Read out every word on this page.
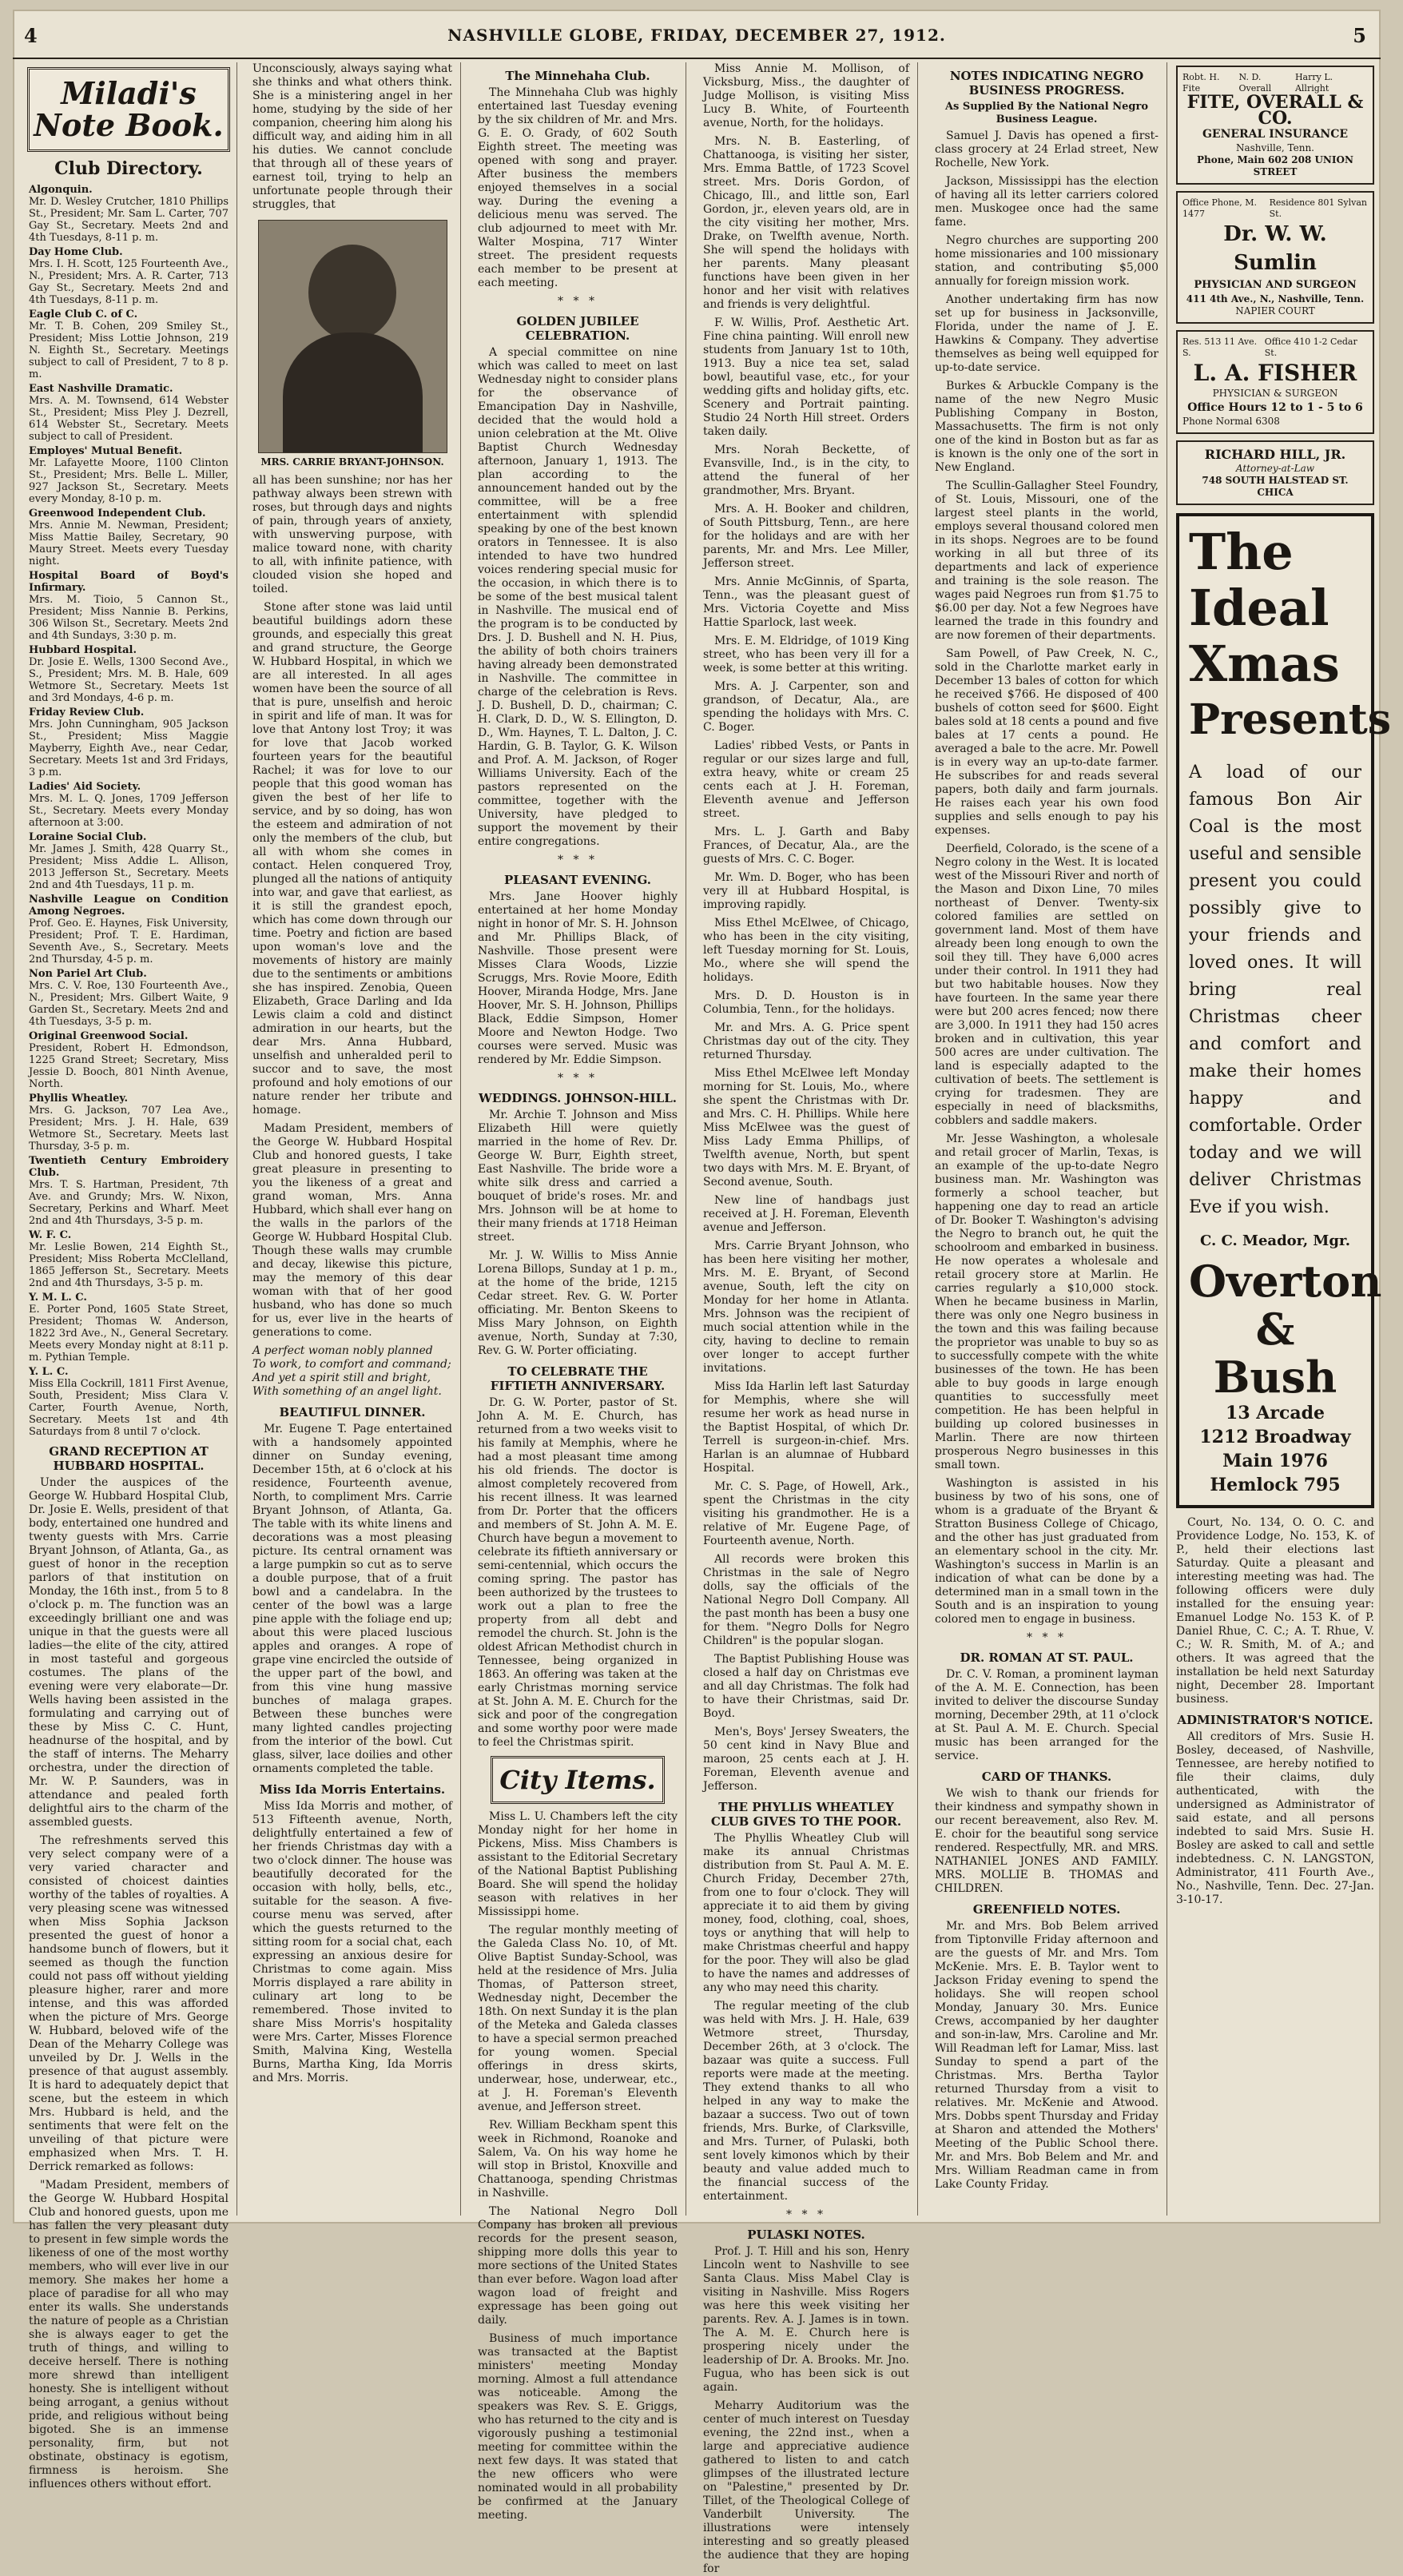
4	NASHVILLE GLOBE, FRIDAY, DECEMBER 27, 1912.	5
Miladi's Note Book.
Club Directory.
Algonquin.
Mr. D. Wesley Crutcher, 1810 Phillips St., President; Mr. Sam L. Carter, 707 Gay St., Secretary. Meets 2nd and 4th Tuesdays, 8-11 p. m.
Day Home Club.
Mrs. I. H. Scott, 125 Fourteenth Ave., N., President; Mrs. A. R. Carter, 713 Gay St., Secretary. Meets 2nd and 4th Tuesdays, 8-11 p. m.
Eagle Club C. of C.
Mr. T. B. Cohen, 209 Smiley St., President; Miss Lottie Johnson, 219 N. Eighth St., Secretary. Meetings subject to call of President, 7 to 8 p. m.
East Nashville Dramatic.
Mrs. A. M. Townsend, 614 Webster St., President; Miss Pley J. Dezrell, 614 Webster St., Secretary. Meets subject to call of President.
Employes' Mutual Benefit.
Mr. Lafayette Moore, 1100 Clinton St., President; Mrs. Belle L. Miller, 927 Jackson St., Secretary. Meets every Monday, 8-10 p. m.
Greenwood Independent Club.
Mrs. Annie M. Newman, President; Miss Mattie Bailey, Secretary, 90 Maury Street. Meets every Tuesday night.
Hospital Board of Boyd's Infirmary.
Mrs. M. Tioio, 5 Cannon St., President; Miss Nannie B. Perkins, 306 Wilson St., Secretary. Meets 2nd and 4th Sundays, 3:30 p. m.
Hubbard Hospital.
Dr. Josie E. Wells, 1300 Second Ave., S., President; Mrs. M. B. Hale, 609 Wetmore St., Secretary. Meets 1st and 3rd Mondays, 4-6 p. m.
Friday Review Club.
Mrs. John Cunningham, 905 Jackson St., President; Miss Maggie Mayberry, Eighth Ave., near Cedar, Secretary. Meets 1st and 3rd Fridays, 3 p.m.
Ladies' Aid Society.
Mrs. M. L. Q. Jones, 1709 Jefferson St., Secretary. Meets every Monday afternoon at 3:00.
Loraine Social Club.
Mr. James J. Smith, 428 Quarry St., President; Miss Addie L. Allison, 2013 Jefferson St., Secretary. Meets 2nd and 4th Tuesdays, 11 p. m.
Nashville League on Condition Among Negroes.
Prof. Geo. E. Haynes, Fisk University, President; Prof. T. E. Hardiman, Seventh Ave., S., Secretary. Meets 2nd Thursday, 4-5 p. m.
Non Pariel Art Club.
Mrs. C. V. Roe, 130 Fourteenth Ave., N., President; Mrs. Gilbert Waite, 9 Garden St., Secretary. Meets 2nd and 4th Tuesdays, 3-5 p. m.
Original Greenwood Social.
President, Robert H. Edmondson, 1225 Grand Street; Secretary, Miss Jessie D. Booch, 801 Ninth Avenue, North.
Phyllis Wheatley.
Mrs. G. Jackson, 707 Lea Ave., President; Mrs. J. H. Hale, 639 Wetmore St., Secretary. Meets last Thursday, 3-5 p. m.
Twentieth Century Embroidery Club.
Mrs. T. S. Hartman, President, 7th Ave. and Grundy; Mrs. W. Nixon, Secretary, Perkins and Wharf. Meet 2nd and 4th Thursdays, 3-5 p. m.
W. F. C.
Mr. Leslie Bowen, 214 Eighth St., President; Miss Roberta McClelland, 1865 Jefferson St., Secretary. Meets 2nd and 4th Thursdays, 3-5 p. m.
Y. M. L. C.
E. Porter Pond, 1605 State Street, President; Thomas W. Anderson, 1822 3rd Ave., N., General Secretary. Meets every Monday night at 8:11 p. m. Pythian Temple.
Y. L. C.
Miss Ella Cockrill, 1811 First Avenue, South, President; Miss Clara V. Carter, Fourth Avenue, North, Secretary. Meets 1st and 4th Saturdays from 8 until 7 o'clock.
GRAND RECEPTION AT HUBBARD HOSPITAL.

Under the auspices of the George W. Hubbard Hospital Club, Dr. Josie E. Wells, president of that body, entertained one hundred and twenty guests with Mrs. Carrie Bryant Johnson, of Atlanta, Ga., as guest of honor in the reception parlors of that institution on Monday, the 16th inst., from 5 to 8 o'clock p. m. The function was an exceedingly brilliant one and was unique in that the guests were all ladies—the elite of the city, attired in most tasteful and gorgeous costumes. The plans of the evening were very elaborate—Dr. Wells having been assisted in the formulating and carrying out of these by Miss C. C. Hunt, headnurse of the hospital, and by the staff of interns. The Meharry orchestra, under the direction of Mr. W. P. Saunders, was in attendance and pealed forth delightful airs to the charm of the assembled guests.

The refreshments served this very select company were of a very varied character and consisted of choicest dainties worthy of the tables of royalties. A very pleasing scene was witnessed when Miss Sophia Jackson presented the guest of honor a handsome bunch of flowers, but it seemed as though the function could not pass off without yielding pleasure higher, rarer and more intense, and this was afforded when the picture of Mrs. George W. Hubbard, beloved wife of the Dean of the Meharry College was unveiled by Dr. J. Wells in the presence of that august assembly. It is hard to adequately depict that scene, but the esteem in which Mrs. Hubbard is held, and the sentiments that were felt on the unveiling of that picture were emphasized when Mrs. T. H. Derrick remarked as follows:

"Madam President, members of the George W. Hubbard Hospital Club and honored guests, upon me has fallen the very pleasant duty to present in few simple words the likeness of one of the most worthy members, who will ever live in our memory. She makes her home a place of paradise for all who may enter its walls. She understands the nature of people as a Christian she is always eager to get the truth of things, and willing to deceive herself. There is nothing more shrewd than intelligent honesty. She is intelligent without being arrogant, a genius without pride, and religious without being bigoted. She is an immense personality, firm, but not obstinate, obstinacy is egotism, firmness is heroism. She influences others without effort.

Unconsciously, always saying what she thinks and what others think. She is a ministering angel in her home, studying by the side of her companion, cheering him along his difficult way, and aiding him in all his duties. We cannot conclude that through all of these years of earnest toil, trying to help an unfortunate people through their struggles, that

MRS. CARRIE BRYANT-JOHNSON.

all has been sunshine; nor has her pathway always been strewn with roses, but through days and nights of pain, through years of anxiety, with unswerving purpose, with malice toward none, with charity to all, with infinite patience, with clouded vision she hoped and toiled.

Stone after stone was laid until beautiful buildings adorn these grounds, and especially this great and grand structure, the George W. Hubbard Hospital, in which we are all interested. In all ages women have been the source of all that is pure, unselfish and heroic in spirit and life of man. It was for love that Antony lost Troy; it was for love that Jacob worked fourteen years for the beautiful Rachel; it was for love to our people that this good woman has given the best of her life to service, and by so doing, has won the esteem and admiration of not only the members of the club, but all with whom she comes in contact. Helen conquered Troy, plunged all the nations of antiquity into war, and gave that earliest, as it is still the grandest epoch, which has come down through our time. Poetry and fiction are based upon woman's love and the movements of history are mainly due to the sentiments or ambitions she has inspired. Zenobia, Queen Elizabeth, Grace Darling and Ida Lewis claim a cold and distinct admiration in our hearts, but the dear Mrs. Anna Hubbard, unselfish and unheralded peril to succor and to save, the most profound and holy emotions of our nature render her tribute and homage.

Madam President, members of the George W. Hubbard Hospital Club and honored guests, I take great pleasure in presenting to you the likeness of a great and grand woman, Mrs. Anna Hubbard, which shall ever hang on the walls in the parlors of the George W. Hubbard Hospital Club. Though these walls may crumble and decay, likewise this picture, may the memory of this dear woman with that of her good husband, who has done so much for us, ever live in the hearts of generations to come.

A perfect woman nobly planned
To work, to comfort and command;
And yet a spirit still and bright,
With something of an angel light.

BEAUTIFUL DINNER.

Mr. Eugene T. Page entertained with a handsomely appointed dinner on Sunday evening, December 15th, at 6 o'clock at his residence, Fourteenth avenue, North, to compliment Mrs. Carrie Bryant Johnson, of Atlanta, Ga. The table with its white linens and decorations was a most pleasing picture. Its central ornament was a large pumpkin so cut as to serve a double purpose, that of a fruit bowl and a candelabra. In the center of the bowl was a large pine apple with the foliage end up; about this were placed luscious apples and oranges. A rope of grape vine encircled the outside of the upper part of the bowl, and from this vine hung massive bunches of malaga grapes. Between these bunches were many lighted candles projecting from the interior of the bowl. Cut glass, silver, lace doilies and other ornaments completed the table.

Miss Ida Morris Entertains.

Miss Ida Morris and mother, of 513 Fifteenth avenue, North, delightfully entertained a few of her friends Christmas day with a two o'clock dinner. The house was beautifully decorated for the occasion with holly, bells, etc., suitable for the season. A five-course menu was served, after which the guests returned to the sitting room for a social chat, each expressing an anxious desire for Christmas to come again. Miss Morris displayed a rare ability in culinary art long to be remembered. Those invited to share Miss Morris's hospitality were Mrs. Carter, Misses Florence Smith, Malvina King, Westella Burns, Martha King, Ida Morris and Mrs. Morris.

The Minnehaha Club.

The Minnehaha Club was highly entertained last Tuesday evening by the six children of Mr. and Mrs. G. E. O. Grady, of 602 South Eighth street. The meeting was opened with song and prayer. After business the members enjoyed themselves in a social way. During the evening a delicious menu was served. The club adjourned to meet with Mr. Walter Mospina, 717 Winter street. The president requests each member to be present at each meeting.

* * *
GOLDEN JUBILEE CELEBRATION.

A special committee on nine which was called to meet on last Wednesday night to consider plans for the observance of Emancipation Day in Nashville, decided that the would hold a union celebration at the Mt. Olive Baptist Church Wednesday afternoon, January 1, 1913. The plan according to the announcement handed out by the committee, will be a free entertainment with splendid speaking by one of the best known orators in Tennessee. It is also intended to have two hundred voices rendering special music for the occasion, in which there is to be some of the best musical talent in Nashville. The musical end of the program is to be conducted by Drs. J. D. Bushell and N. H. Pius, the ability of both choirs trainers having already been demonstrated in Nashville. The committee in charge of the celebration is Revs. J. D. Bushell, D. D., chairman; C. H. Clark, D. D., W. S. Ellington, D. D., Wm. Haynes, T. L. Dalton, J. C. Hardin, G. B. Taylor, G. K. Wilson and Prof. A. M. Jackson, of Roger Williams University. Each of the pastors represented on the committee, together with the University, have pledged to support the movement by their entire congregations.

* * *
PLEASANT EVENING.

Mrs. Jane Hoover highly entertained at her home Monday night in honor of Mr. S. H. Johnson and Mr. Phillips Black, of Nashville. Those present were Misses Clara Woods, Lizzie Scruggs, Mrs. Rovie Moore, Edith Hoover, Miranda Hodge, Mrs. Jane Hoover, Mr. S. H. Johnson, Phillips Black, Eddie Simpson, Homer Moore and Newton Hodge. Two courses were served. Music was rendered by Mr. Eddie Simpson.

* * *
WEDDINGS. JOHNSON-HILL.

Mr. Archie T. Johnson and Miss Elizabeth Hill were quietly married in the home of Rev. Dr. George W. Burr, Eighth street, East Nashville. The bride wore a white silk dress and carried a bouquet of bride's roses. Mr. and Mrs. Johnson will be at home to their many friends at 1718 Heiman street.

Mr. J. W. Willis to Miss Annie Lorena Billops, Sunday at 1 p. m., at the home of the bride, 1215 Cedar street. Rev. G. W. Porter officiating. Mr. Benton Skeens to Miss Mary Johnson, on Eighth avenue, North, Sunday at 7:30, Rev. G. W. Porter officiating.

TO CELEBRATE THE FIFTIETH ANNIVERSARY.

Dr. G. W. Porter, pastor of St. John A. M. E. Church, has returned from a two weeks visit to his family at Memphis, where he had a most pleasant time among his old friends. The doctor is almost completely recovered from his recent illness. It was learned from Dr. Porter that the officers and members of St. John A. M. E. Church have begun a movement to celebrate its fiftieth anniversary or semi-centennial, which occurs the coming spring. The pastor has been authorized by the trustees to work out a plan to free the property from all debt and remodel the church. St. John is the oldest African Methodist church in Tennessee, being organized in 1863. An offering was taken at the early Christmas morning service at St. John A. M. E. Church for the sick and poor of the congregation and some worthy poor were made to feel the Christmas spirit.

City Items.

Miss L. U. Chambers left the city Monday night for her home in Pickens, Miss. Miss Chambers is assistant to the Editorial Secretary of the National Baptist Publishing Board. She will spend the holiday season with relatives in her Mississippi home.

The regular monthly meeting of the Galeda Class No. 10, of Mt. Olive Baptist Sunday-School, was held at the residence of Mrs. Julia Thomas, of Patterson street, Wednesday night, December the 18th. On next Sunday it is the plan of the Meteka and Galeda classes to have a special sermon preached for young women. Special offerings in dress skirts, underwear, hose, underwear, etc., at J. H. Foreman's Eleventh avenue, and Jefferson street.

Rev. William Beckham spent this week in Richmond, Roanoke and Salem, Va. On his way home he will stop in Bristol, Knoxville and Chattanooga, spending Christmas in Nashville.

The National Negro Doll Company has broken all previous records for the present season, shipping more dolls this year to more sections of the United States than ever before. Wagon load after wagon load of freight and expressage has been going out daily.

Business of much importance was transacted at the Baptist ministers' meeting Monday morning. Almost a full attendance was noticeable. Among the speakers was Rev. S. E. Griggs, who has returned to the city and is vigorously pushing a testimonial meeting for committee within the next few days. It was stated that the new officers who were nominated would in all probability be confirmed at the January meeting.

Miss Annie M. Mollison, of Vicksburg, Miss., the daughter of Judge Mollison, is visiting Miss Lucy B. White, of Fourteenth avenue, North, for the holidays.

Mrs. N. B. Easterling, of Chattanooga, is visiting her sister, Mrs. Emma Battle, of 1723 Scovel street. Mrs. Doris Gordon, of Chicago, Ill., and little son, Earl Gordon, jr., eleven years old, are in the city visiting her mother, Mrs. Drake, on Twelfth avenue, North. She will spend the holidays with her parents. Many pleasant functions have been given in her honor and her visit with relatives and friends is very delightful.

F. W. Willis, Prof. Aesthetic Art. Fine china painting. Will enroll new students from January 1st to 10th, 1913. Buy a nice tea set, salad bowl, beautiful vase, etc., for your wedding gifts and holiday gifts, etc. Scenery and Portrait painting. Studio 24 North Hill street. Orders taken daily.

Mrs. Norah Beckette, of Evansville, Ind., is in the city, to attend the funeral of her grandmother, Mrs. Bryant.

Mrs. A. H. Booker and children, of South Pittsburg, Tenn., are here for the holidays and are with her parents, Mr. and Mrs. Lee Miller, Jefferson street.

Mrs. Annie McGinnis, of Sparta, Tenn., was the pleasant guest of Mrs. Victoria Coyette and Miss Hattie Sparlock, last week.

Mrs. E. M. Eldridge, of 1019 King street, who has been very ill for a week, is some better at this writing.

Mrs. A. J. Carpenter, son and grandson, of Decatur, Ala., are spending the holidays with Mrs. C. C. Boger.

Ladies' ribbed Vests, or Pants in regular or our sizes large and full, extra heavy, white or cream 25 cents each at J. H. Foreman, Eleventh avenue and Jefferson street.

Mrs. L. J. Garth and Baby Frances, of Decatur, Ala., are the guests of Mrs. C. C. Boger.

Mr. Wm. D. Boger, who has been very ill at Hubbard Hospital, is improving rapidly.

Miss Ethel McElwee, of Chicago, who has been in the city visiting, left Tuesday morning for St. Louis, Mo., where she will spend the holidays.

Mrs. D. D. Houston is in Columbia, Tenn., for the holidays.

Mr. and Mrs. A. G. Price spent Christmas day out of the city. They returned Thursday.

Miss Ethel McElwee left Monday morning for St. Louis, Mo., where she spent the Christmas with Dr. and Mrs. C. H. Phillips. While here Miss McElwee was the guest of Miss Lady Emma Phillips, of Twelfth avenue, North, but spent two days with Mrs. M. E. Bryant, of Second avenue, South.

New line of handbags just received at J. H. Foreman, Eleventh avenue and Jefferson.

Mrs. Carrie Bryant Johnson, who has been here visiting her mother, Mrs. M. E. Bryant, of Second avenue, South, left the city on Monday for her home in Atlanta. Mrs. Johnson was the recipient of much social attention while in the city, having to decline to remain over longer to accept further invitations.

Miss Ida Harlin left last Saturday for Memphis, where she will resume her work as head nurse in the Baptist Hospital, of which Dr. Terrell is surgeon-in-chief. Mrs. Harlan is an alumnae of Hubbard Hospital.

Mr. C. S. Page, of Howell, Ark., spent the Christmas in the city visiting his grandmother. He is a relative of Mr. Eugene Page, of Fourteenth avenue, North.

All records were broken this Christmas in the sale of Negro dolls, say the officials of the National Negro Doll Company. All the past month has been a busy one for them. "Negro Dolls for Negro Children" is the popular slogan.

The Baptist Publishing House was closed a half day on Christmas eve and all day Christmas. The folk had to have their Christmas, said Dr. Boyd.

Men's, Boys' Jersey Sweaters, the 50 cent kind in Navy Blue and maroon, 25 cents each at J. H. Foreman, Eleventh avenue and Jefferson.

THE PHYLLIS WHEATLEY CLUB GIVES TO THE POOR.

The Phyllis Wheatley Club will make its annual Christmas distribution from St. Paul A. M. E. Church Friday, December 27th, from one to four o'clock. They will appreciate it to aid them by giving money, food, clothing, coal, shoes, toys or anything that will help to make Christmas cheerful and happy for the poor. They will also be glad to have the names and addresses of any who may need this charity.

The regular meeting of the club was held with Mrs. J. H. Hale, 639 Wetmore street, Thursday, December 26th, at 3 o'clock. The bazaar was quite a success. Full reports were made at the meeting. They extend thanks to all who helped in any way to make the bazaar a success. Two out of town friends, Mrs. Burke, of Clarksville, and Mrs. Turner, of Pulaski, both sent lovely kimonos which by their beauty and value added much to the financial success of the entertainment.

* * *
PULASKI NOTES.

Prof. J. T. Hill and his son, Henry Lincoln went to Nashville to see Santa Claus. Miss Mabel Clay is visiting in Nashville. Miss Rogers was here this week visiting her parents. Rev. A. J. James is in town. The A. M. E. Church here is prospering nicely under the leadership of Dr. A. Brooks. Mr. Jno. Fugua, who has been sick is out again.

Meharry Auditorium was the center of much interest on Tuesday evening, the 22nd inst., when a large and appreciative audience gathered to listen to and catch glimpses of the illustrated lecture on "Palestine," presented by Dr. Tillet, of the Theological College of Vanderbilt University. The illustrations were intensely interesting and so greatly pleased the audience that they are hoping for

NOTES INDICATING NEGRO BUSINESS PROGRESS.
As Supplied By the National Negro Business League.

Samuel J. Davis has opened a first-class grocery at 24 Erlad street, New Rochelle, New York.

Jackson, Mississippi has the election of having all its letter carriers colored men. Muskogee once had the same fame.

Negro churches are supporting 200 home missionaries and 100 missionary station, and contributing $5,000 annually for foreign mission work.

Another undertaking firm has now set up for business in Jacksonville, Florida, under the name of J. E. Hawkins & Company. They advertise themselves as being well equipped for up-to-date service.

Burkes & Arbuckle Company is the name of the new Negro Music Publishing Company in Boston, Massachusetts. The firm is not only one of the kind in Boston but as far as is known is the only one of the sort in New England.

The Scullin-Gallagher Steel Foundry, of St. Louis, Missouri, one of the largest steel plants in the world, employs several thousand colored men in its shops. Negroes are to be found working in all but three of its departments and lack of experience and training is the sole reason. The wages paid Negroes run from $1.75 to $6.00 per day. Not a few Negroes have learned the trade in this foundry and are now foremen of their departments.

Sam Powell, of Paw Creek, N. C., sold in the Charlotte market early in December 13 bales of cotton for which he received $766. He disposed of 400 bushels of cotton seed for $600. Eight bales sold at 18 cents a pound and five bales at 17 cents a pound. He averaged a bale to the acre. Mr. Powell is in every way an up-to-date farmer. He subscribes for and reads several papers, both daily and farm journals. He raises each year his own food supplies and sells enough to pay his expenses.

Deerfield, Colorado, is the scene of a Negro colony in the West. It is located west of the Missouri River and north of the Mason and Dixon Line, 70 miles northeast of Denver. Twenty-six colored families are settled on government land. Most of them have already been long enough to own the soil they till. They have 6,000 acres under their control. In 1911 they had but two habitable houses. Now they have fourteen. In the same year there were but 200 acres fenced; now there are 3,000. In 1911 they had 150 acres broken and in cultivation, this year 500 acres are under cultivation. The land is especially adapted to the cultivation of beets. The settlement is crying for tradesmen. They are especially in need of blacksmiths, cobblers and saddle makers.

Mr. Jesse Washington, a wholesale and retail grocer of Marlin, Texas, is an example of the up-to-date Negro business man. Mr. Washington was formerly a school teacher, but happening one day to read an article of Dr. Booker T. Washington's advising the Negro to branch out, he quit the schoolroom and embarked in business. He now operates a wholesale and retail grocery store at Marlin. He carries regularly a $10,000 stock. When he became business in Marlin, there was only one Negro business in the town and this was failing because the proprietor was unable to buy so as to successfully compete with the white businesses of the town. He has been able to buy goods in large enough quantities to successfully meet competition. He has been helpful in building up colored businesses in Marlin. There are now thirteen prosperous Negro businesses in this small town.

Washington is assisted in his business by two of his sons, one of whom is a graduate of the Bryant & Stratton Business College of Chicago, and the other has just graduated from an elementary school in the city. Mr. Washington's success in Marlin is an indication of what can be done by a determined man in a small town in the South and is an inspiration to young colored men to engage in business.

* * *
DR. ROMAN AT ST. PAUL.

Dr. C. V. Roman, a prominent layman of the A. M. E. Connection, has been invited to deliver the discourse Sunday morning, December 29th, at 11 o'clock at St. Paul A. M. E. Church. Special music has been arranged for the service.

CARD OF THANKS.

We wish to thank our friends for their kindness and sympathy shown in our recent bereavement, also Rev. M. E. choir for the beautiful song service rendered. Respectfully, MR. and MRS. NATHANIEL JONES AND FAMILY. MRS. MOLLIE B. THOMAS and CHILDREN.

GREENFIELD NOTES.

Mr. and Mrs. Bob Belem arrived from Tiptonville Friday afternoon and are the guests of Mr. and Mrs. Tom McKenie. Mrs. E. B. Taylor went to Jackson Friday evening to spend the holidays. She will reopen school Monday, January 30. Mrs. Eunice Crews, accompanied by her daughter and son-in-law, Mrs. Caroline and Mr. Will Readman left for Lamar, Miss. last Sunday to spend a part of the Christmas. Mrs. Bertha Taylor returned Thursday from a visit to relatives. Mr. McKenie and Atwood. Mrs. Dobbs spent Thursday and Friday at Sharon and attended the Mothers' Meeting of the Public School there. Mr. and Mrs. Bob Belem and Mr. and Mrs. William Readman came in from Lake County Friday.

Robt. H. Fite
N. D. Overall
Harry L. Allright
FITE, OVERALL & CO.
GENERAL INSURANCE
Nashville, Tenn.
Phone, Main 602 208 UNION STREET
Office Phone, M. 1477
Residence 801 Sylvan St.
Dr. W. W. Sumlin
PHYSICIAN AND SURGEON
411 4th Ave., N., Nashville, Tenn.
NAPIER COURT
Res. 513 11 Ave. S.
Office 410 1-2 Cedar St.
L. A. FISHER
PHYSICIAN & SURGEON
Office Hours 12 to 1 - 5 to 6
Phone Normal 6308
RICHARD HILL, JR.
Attorney-at-Law
748 SOUTH HALSTEAD ST. CHICA
The
Ideal
Xmas
Presents
A load of our famous Bon Air Coal is the most useful and sensible present you could possibly give to your friends and loved ones. It will bring real Christmas cheer and comfort and make their homes happy and comfortable. Order today and we will deliver Christmas Eve if you wish.
C. C. Meador, Mgr.
Overton
& Bush
13 Arcade
1212 Broadway
Main 1976 Hemlock 795

Court, No. 134, O. O. C. and Providence Lodge, No. 153, K. of P., held their elections last Saturday. Quite a pleasant and interesting meeting was had. The following officers were duly installed for the ensuing year: Emanuel Lodge No. 153 K. of P. Daniel Rhue, C. C.; A. T. Rhue, V. C.; W. R. Smith, M. of A.; and others. It was agreed that the installation be held next Saturday night, December 28. Important business.

ADMINISTRATOR'S NOTICE.

All creditors of Mrs. Susie H. Bosley, deceased, of Nashville, Tennessee, are hereby notified to file their claims, duly authenticated, with the undersigned as Administrator of said estate, and all persons indebted to said Mrs. Susie H. Bosley are asked to call and settle indebtedness. C. N. LANGSTON, Administrator, 411 Fourth Ave., No., Nashville, Tenn. Dec. 27-Jan. 3-10-17.
